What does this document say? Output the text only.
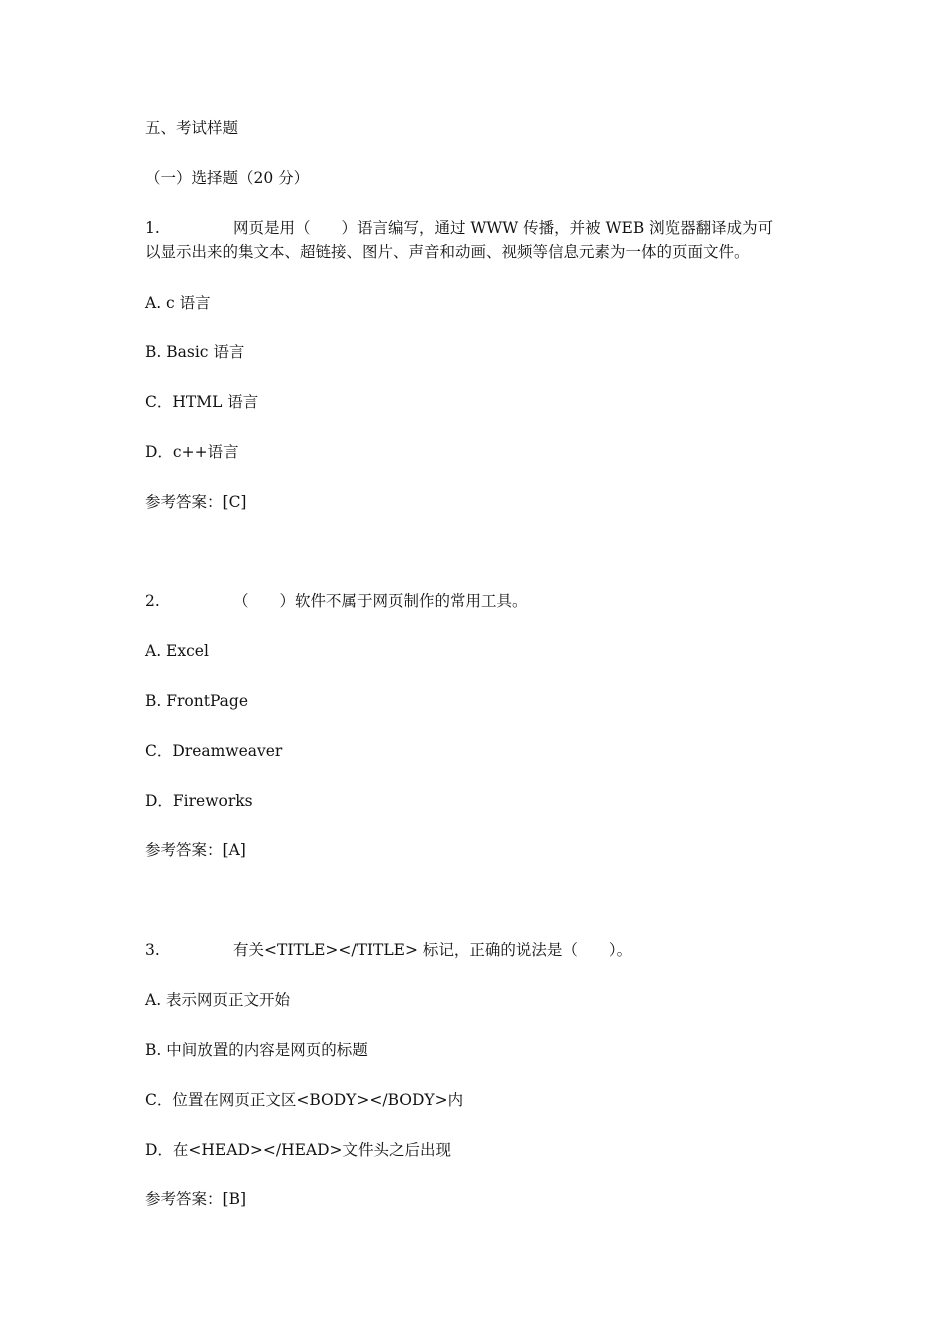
五、考试样题
（一）选择题（20 分）
1.	网页是用（　　）语言编写，通过 WWW 传播，并被 WEB 浏览器翻译成为可
以显示出来的集文本、超链接、图片、声音和动画、视频等信息元素为一体的页面文件。
A. c 语言
B. Basic 语言
C．HTML 语言
D．c++语言
参考答案：[C]
2.	（　　）软件不属于网页制作的常用工具。
A. Excel
B. FrontPage
C．Dreamweaver
D．Fireworks
参考答案：[A]
3.	有关<TITLE></TITLE> 标记，正确的说法是（　　）。
A. 表示网页正文开始
B. 中间放置的内容是网页的标题
C．位置在网页正文区<BODY></BODY>内
D．在<HEAD></HEAD>文件头之后出现
参考答案：[B]
